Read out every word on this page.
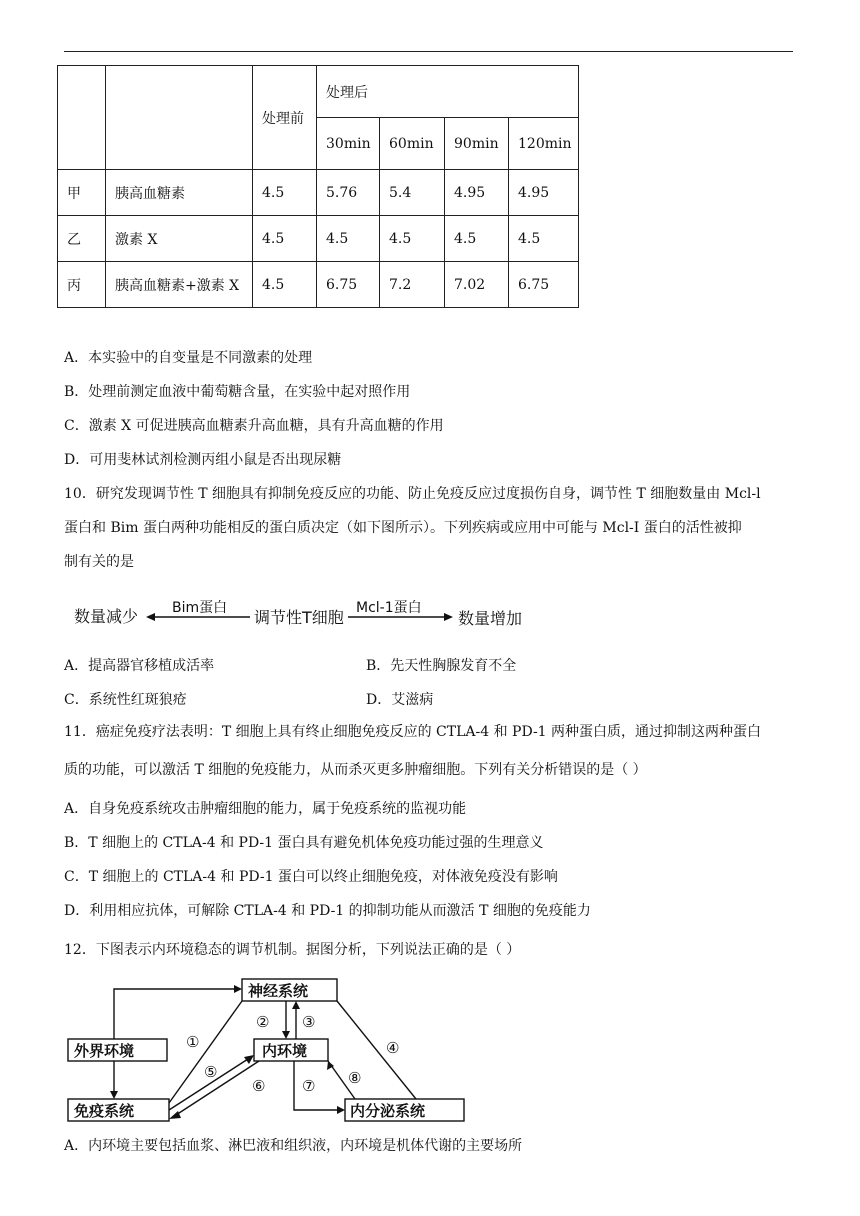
		处理前	处理后			
			30min	60min	90min	120min
甲	胰高血糖素	4.5	5.76	5.4	4.95	4.95
乙	激素 X	4.5	4.5	4.5	4.5	4.5
丙	胰高血糖素+激素 X	4.5	6.75	7.2	7.02	6.75
A．本实验中的自变量是不同激素的处理
B．处理前测定血液中葡萄糖含量，在实验中起对照作用
C．激素 X 可促进胰高血糖素升高血糖，具有升高血糖的作用
D．可用斐林试剂检测丙组小鼠是否出现尿糖
10．研究发现调节性 T 细胞具有抑制免疫反应的功能、防止免疫反应过度损伤自身，调节性 T 细胞数量由 Mcl-l
蛋白和 Bim 蛋白两种功能相反的蛋白质决定（如下图所示）。下列疾病或应用中可能与 Mcl-I 蛋白的活性被抑
制有关的是
数量减少 Bim蛋白 调节性T细胞 Mcl-1蛋白
数量增加
A．提高器官移植成活率	B．先天性胸腺发育不全
C．系统性红斑狼疮	D．艾滋病
11．癌症免疫疗法表明：T 细胞上具有终止细胞免疫反应的 CTLA-4 和 PD-1 两种蛋白质，通过抑制这两种蛋白
质的功能，可以激活 T 细胞的免疫能力，从而杀灭更多肿瘤细胞。下列有关分析错误的是（ ）
A．自身免疫系统攻击肿瘤细胞的能力，属于免疫系统的监视功能
B．T 细胞上的 CTLA-4 和 PD-1 蛋白具有避免机体免疫功能过强的生理意义
C．T 细胞上的 CTLA-4 和 PD-1 蛋白可以终止细胞免疫，对体液免疫没有影响
D．利用相应抗体，可解除 CTLA-4 和 PD-1 的抑制功能从而激活 T 细胞的免疫能力
12．下图表示内环境稳态的调节机制。据图分析，下列说法正确的是（ ）
神经系统
外界环境	内环境
免疫系统	内分泌系统
①
② ③
④
⑤
⑥ ⑦ ⑧
A．内环境主要包括血浆、淋巴液和组织液，内环境是机体代谢的主要场所
